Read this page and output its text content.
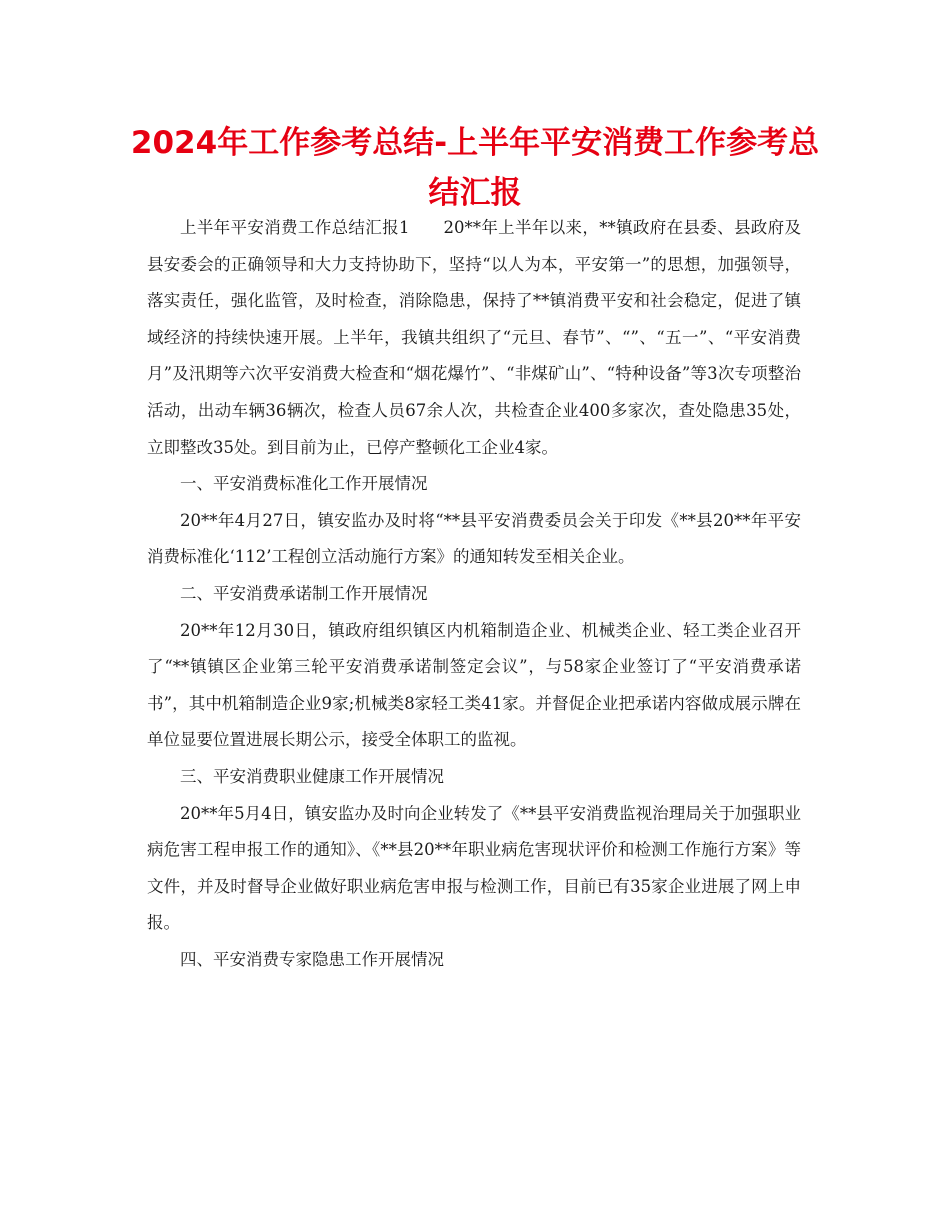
2024年工作参考总结-上半年平安消费工作参考总结汇报

上半年平安消费工作总结汇报1　　20**年上半年以来，**镇政府在县委、县政府及县安委会的正确领导和大力支持协助下，坚持“以人为本，平安第一”的思想，加强领导，落实责任，强化监管，及时检查，消除隐患，保持了**镇消费平安和社会稳定，促进了镇域经济的持续快速开展。上半年，我镇共组织了“元旦、春节”、“”、“五一”、“平安消费月”及汛期等六次平安消费大检查和“烟花爆竹”、“非煤矿山”、“特种设备”等3次专项整治活动，出动车辆36辆次，检查人员67余人次，共检查企业400多家次，查处隐患35处，立即整改35处。到目前为止，已停产整顿化工企业4家。

一、平安消费标准化工作开展情况

20**年4月27日，镇安监办及时将“**县平安消费委员会关于印发《**县20**年平安消费标准化‘112’工程创立活动施行方案》的通知转发至相关企业。

二、平安消费承诺制工作开展情况

20**年12月30日，镇政府组织镇区内机箱制造企业、机械类企业、轻工类企业召开了“**镇镇区企业第三轮平安消费承诺制签定会议”，与58家企业签订了“平安消费承诺书”，其中机箱制造企业9家;机械类8家轻工类41家。并督促企业把承诺内容做成展示牌在单位显要位置进展长期公示，接受全体职工的监视。

三、平安消费职业健康工作开展情况

20**年5月4日，镇安监办及时向企业转发了《**县平安消费监视治理局关于加强职业病危害工程申报工作的通知》、《**县20**年职业病危害现状评价和检测工作施行方案》等文件，并及时督导企业做好职业病危害申报与检测工作，目前已有35家企业进展了网上申报。

四、平安消费专家隐患工作开展情况
